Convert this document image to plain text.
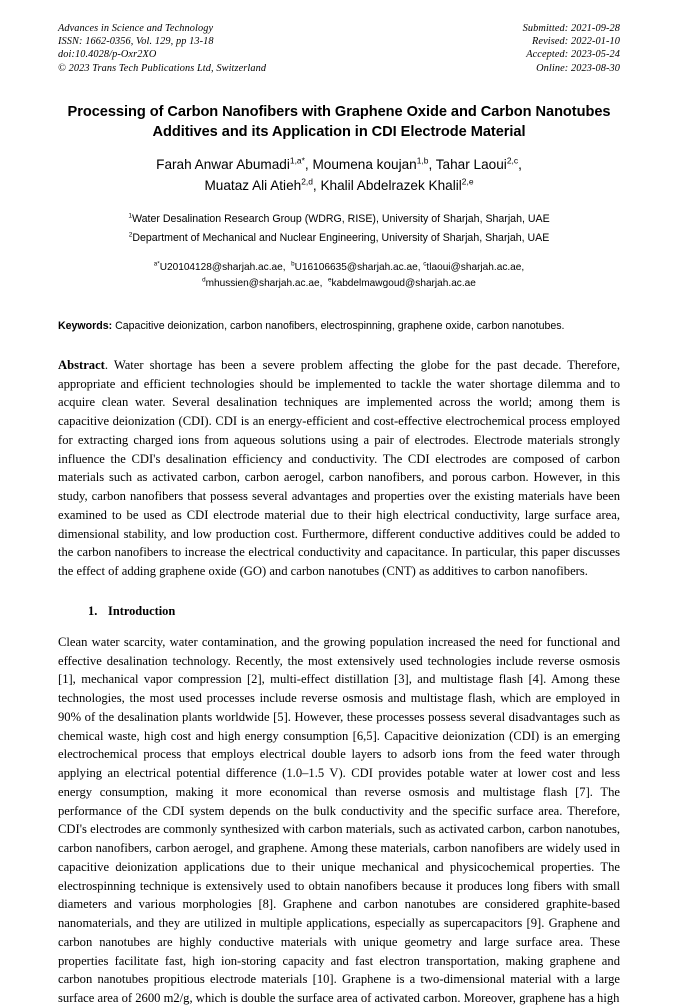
Advances in Science and Technology
ISSN: 1662-0356, Vol. 129, pp 13-18
doi:10.4028/p-Oxr2XO
© 2023 Trans Tech Publications Ltd, Switzerland
Submitted: 2021-09-28
Revised: 2022-01-10
Accepted: 2023-05-24
Online: 2023-08-30
Processing of Carbon Nanofibers with Graphene Oxide and Carbon Nanotubes Additives and its Application in CDI Electrode Material
Farah Anwar Abumadi$^{1,a*}$, Moumena koujan$^{1,b}$, Tahar Laoui$^{2,c}$,
Muataz Ali Atieh$^{2,d}$, Khalil Abdelrazek Khalil$^{2,e}$
$^1$Water Desalination Research Group (WDRG, RISE), University of Sharjah, Sharjah, UAE
$^2$Department of Mechanical and Nuclear Engineering, University of Sharjah, Sharjah, UAE
$^{a*}$U20104128@sharjah.ac.ae,  $^b$U16106635@sharjah.ac.ae, $^c$tlaoui@sharjah.ac.ae,
$^d$mhussien@sharjah.ac.ae,  $^e$kabdelmawgoud@sharjah.ac.ae
Keywords: Capacitive deionization, carbon nanofibers, electrospinning, graphene oxide, carbon nanotubes.
Abstract. Water shortage has been a severe problem affecting the globe for the past decade. Therefore, appropriate and efficient technologies should be implemented to tackle the water shortage dilemma and to acquire clean water. Several desalination techniques are implemented across the world; among them is capacitive deionization (CDI). CDI is an energy-efficient and cost-effective electrochemical process employed for extracting charged ions from aqueous solutions using a pair of electrodes. Electrode materials strongly influence the CDI's desalination efficiency and conductivity. The CDI electrodes are composed of carbon materials such as activated carbon, carbon aerogel, carbon nanofibers, and porous carbon. However, in this study, carbon nanofibers that possess several advantages and properties over the existing materials have been examined to be used as CDI electrode material due to their high electrical conductivity, large surface area, dimensional stability, and low production cost. Furthermore, different conductive additives could be added to the carbon nanofibers to increase the electrical conductivity and capacitance. In particular, this paper discusses the effect of adding graphene oxide (GO) and carbon nanotubes (CNT) as additives to carbon nanofibers.
1. Introduction
Clean water scarcity, water contamination, and the growing population increased the need for functional and effective desalination technology. Recently, the most extensively used technologies include reverse osmosis [1], mechanical vapor compression [2], multi-effect distillation [3], and multistage flash [4]. Among these technologies, the most used processes include reverse osmosis and multistage flash, which are employed in 90% of the desalination plants worldwide [5]. However, these processes possess several disadvantages such as chemical waste, high cost and high energy consumption [6,5]. Capacitive deionization (CDI) is an emerging electrochemical process that employs electrical double layers to adsorb ions from the feed water through applying an electrical potential difference (1.0–1.5 V). CDI provides potable water at lower cost and less energy consumption, making it more economical than reverse osmosis and multistage flash [7]. The performance of the CDI system depends on the bulk conductivity and the specific surface area. Therefore, CDI's electrodes are commonly synthesized with carbon materials, such as activated carbon, carbon nanotubes, carbon nanofibers, carbon aerogel, and graphene. Among these materials, carbon nanofibers are widely used in capacitive deionization applications due to their unique mechanical and physicochemical properties. The electrospinning technique is extensively used to obtain nanofibers because it produces long fibers with small diameters and various morphologies [8]. Graphene and carbon nanotubes are considered graphite-based nanomaterials, and they are utilized in multiple applications, especially as supercapacitors [9]. Graphene and carbon nanotubes are highly conductive materials with unique geometry and large surface area. These properties facilitate fast, high ion-storing capacity and fast electron transportation, making graphene and carbon nanotubes propitious electrode materials [10]. Graphene is a two-dimensional material with a large surface area of 2600 m2/g, which is double the surface area of activated carbon. Moreover, graphene has a high
